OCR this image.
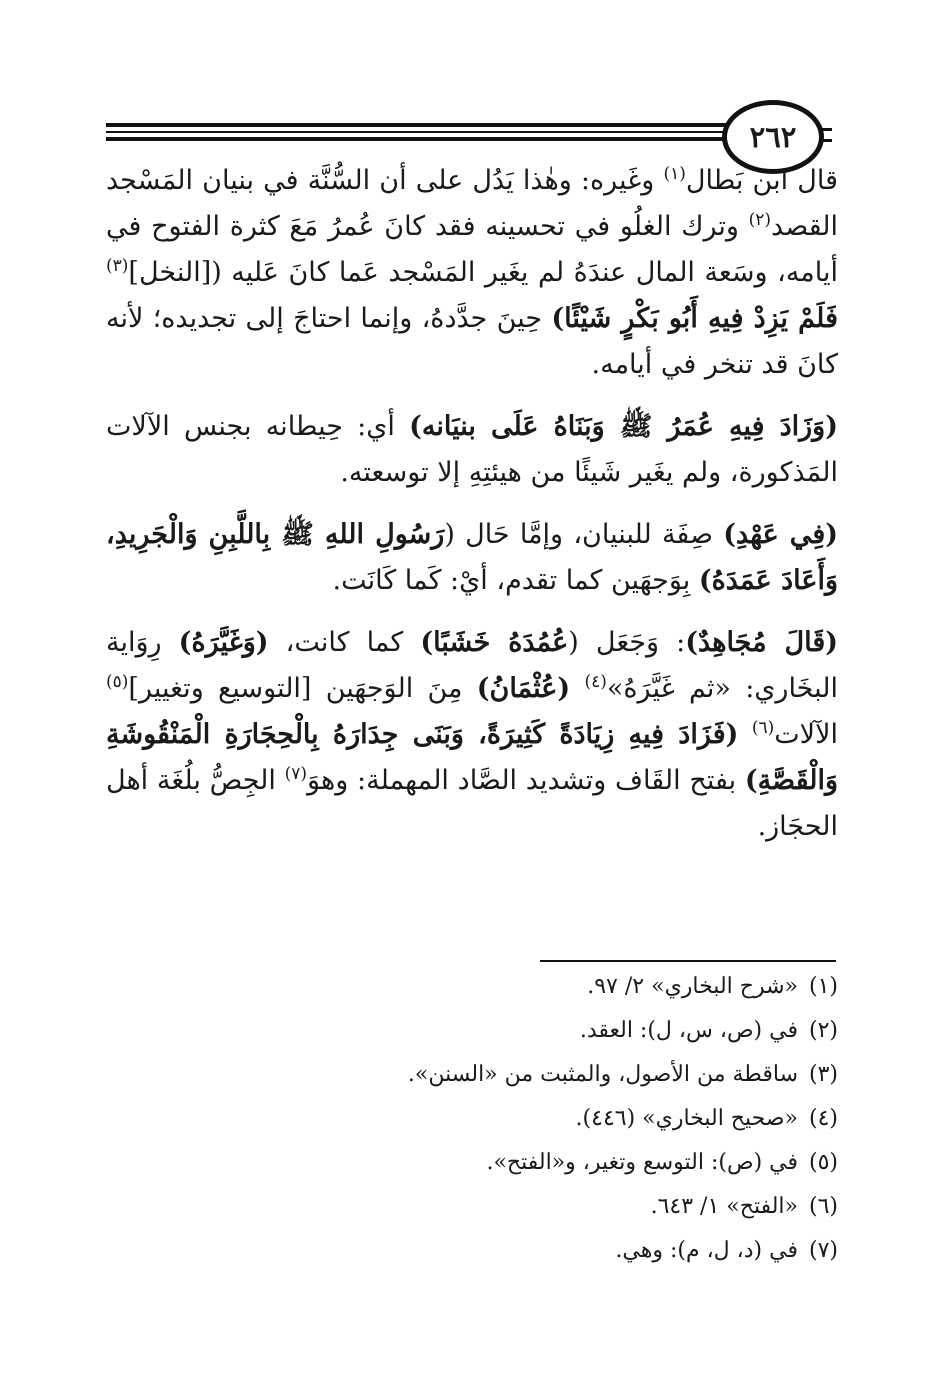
٢٦٢

قال ابن بَطال$^{(١)}$ وغَيره: وهٰذا يَدُل على أن السُّنَّة في بنيان المَسْجد القصد$^{(٢)}$ وترك الغلُو في تحسينه فقد كانَ عُمرُ مَعَ كثرة الفتوح في أيامه، وسَعة المال عندَهُ لم يغَير المَسْجد عَما كانَ عَليه ([النخل]$^{(٣)}$ فَلَمْ يَزِدْ فِيهِ أَبُو بَكْرٍ شَيْئًا) حِينَ جدَّدهُ، وإنما احتاجَ إلى تجديده؛ لأنه كانَ قد تنخر في أيامه.

(وَزَادَ فِيهِ عُمَرُ ﷺ وَبَنَاهُ عَلَى بنيَانه) أي: حِيطانه بجنس الآلات المَذكورة، ولم يغَير شَيئًا من هيئتِهِ إلا توسعته.

(فِي عَهْدِ) صِفَة للبنيان، وإمَّا حَال (رَسُولِ اللهِ ﷺ بِاللَّبِنِ وَالْجَرِيدِ، وَأَعَادَ عَمَدَهُ) بِوَجهَين كما تقدم، أيْ: كَما كَانَت.

(قَالَ مُجَاهِدٌ): وَجَعَل (عُمُدَهُ خَشَبًا) كما كانت، (وَغَيَّرَهُ) رِوَاية البخَاري: «ثم غَيَّرَهُ»$^{(٤)}$ (عُثْمَانُ) مِنَ الوَجهَين [التوسيع وتغيير]$^{(٥)}$ الآلات$^{(٦)}$ (فَزَادَ فِيهِ زِيَادَةً كَثِيرَةً، وَبَنَى جِدَارَهُ بِالْحِجَارَةِ الْمَنْقُوشَةِ وَالْقَصَّةِ) بفتح القَاف وتشديد الصَّاد المهملة: وهوَ$^{(٧)}$ الجِصُّ بلُغَة أهل الحجَاز.

(١)«شرح البخاري» ٢/ ٩٧.

(٢)في (ص، س، ل): العقد.

(٣)ساقطة من الأصول، والمثبت من «السنن».

(٤)«صحيح البخاري» (٤٤٦).

(٥)في (ص): التوسع وتغير، و«الفتح».

(٦)«الفتح» ١/ ٦٤٣.

(٧)في (د، ل، م): وهي.
